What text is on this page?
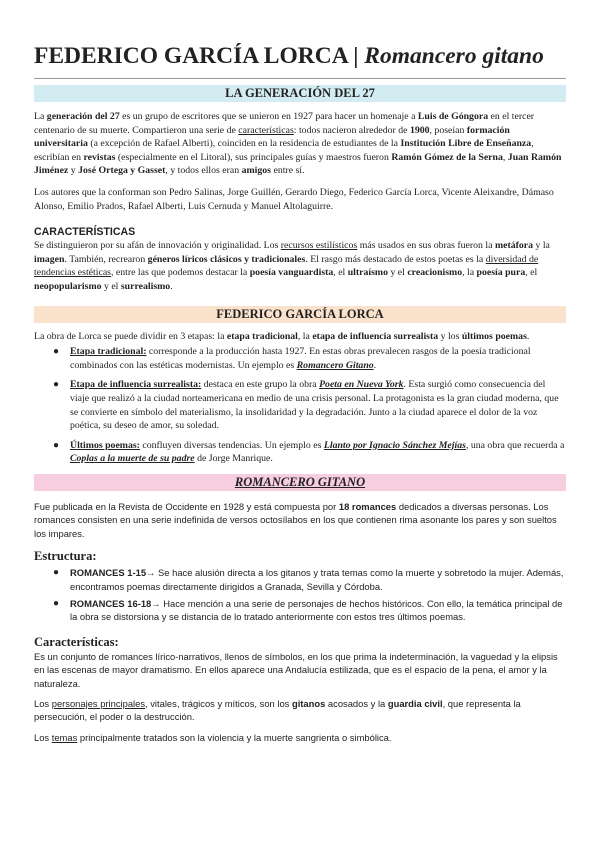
FEDERICO GARCÍA LORCA | Romancero gitano
LA GENERACIÓN DEL 27

La generación del 27 es un grupo de escritores que se unieron en 1927 para hacer un homenaje a Luis de Góngora en el tercer centenario de su muerte. Compartieron una serie de características: todos nacieron alrededor de 1900, poseían formación universitaria (a excepción de Rafael Alberti), coinciden en la residencia de estudiantes de la Institución Libre de Enseñanza, escribían en revistas (especialmente en el Litoral), sus principales guías y maestros fueron Ramón Gómez de la Serna, Juan Ramón Jiménez y José Ortega y Gasset, y todos ellos eran amigos entre sí.

Los autores que la conforman son Pedro Salinas, Jorge Guillén, Gerardo Diego, Federico García Lorca, Vicente Aleixandre, Dámaso Alonso, Emilio Prados, Rafael Alberti, Luis Cernuda y Manuel Altolaguirre.

CARACTERÍSTICAS

Se distinguieron por su afán de innovación y originalidad. Los recursos estilísticos más usados en sus obras fueron la metáfora y la imagen. También, recrearon géneros líricos clásicos y tradicionales. El rasgo más destacado de estos poetas es la diversidad de tendencias estéticas, entre las que podemos destacar la poesía vanguardista, el ultraísmo y el creacionismo, la poesía pura, el neopopularismo y el surrealismo.

FEDERICO GARCÍA LORCA

La obra de Lorca se puede dividir en 3 etapas: la etapa tradicional, la etapa de influencia surrealista y los últimos poemas.

● Etapa tradicional: corresponde a la producción hasta 1927. En estas obras prevalecen rasgos de la poesía tradicional combinados con las estéticas modernistas. Un ejemplo es Romancero Gitano.
● Etapa de influencia surrealista: destaca en este grupo la obra Poeta en Nueva York. Esta surgió como consecuencia del viaje que realizó a la ciudad norteamericana en medio de una crisis personal. La protagonista es la gran ciudad moderna, que se convierte en símbolo del materialismo, la insolidaridad y la degradación. Junto a la ciudad aparece el dolor de la voz poética, su deseo de amor, su soledad.
● Últimos poemas: confluyen diversas tendencias. Un ejemplo es Llanto por Ignacio Sánchez Mejías, una obra que recuerda a Coplas a la muerte de su padre de Jorge Manrique.
ROMANCERO GITANO

Fue publicada en la Revista de Occidente en 1928 y está compuesta por 18 romances dedicados a diversas personas. Los romances consisten en una serie indefinida de versos octosílabos en los que contienen rima asonante los pares y son sueltos los impares.

Estructura:

● ROMANCES 1-15→ Se hace alusión directa a los gitanos y trata temas como la muerte y sobretodo la mujer. Además, encontramos poemas directamente dirigidos a Granada, Sevilla y Córdoba.
● ROMANCES 16-18→ Hace mención a una serie de personajes de hechos históricos. Con ello, la temática principal de la obra se distorsiona y se distancia de lo tratado anteriormente con estos tres últimos poemas.

Características:

Es un conjunto de romances lírico-narrativos, llenos de símbolos, en los que prima la indeterminación, la vaguedad y la elipsis en las escenas de mayor dramatismo. En ellos aparece una Andalucía estilizada, que es el espacio de la pena, el amor y la naturaleza.

Los personajes principales, vitales, trágicos y míticos, son los gitanos acosados y la guardia civil, que representa la persecución, el poder o la destrucción.

Los temas principalmente tratados son la violencia y la muerte sangrienta o simbólica.
